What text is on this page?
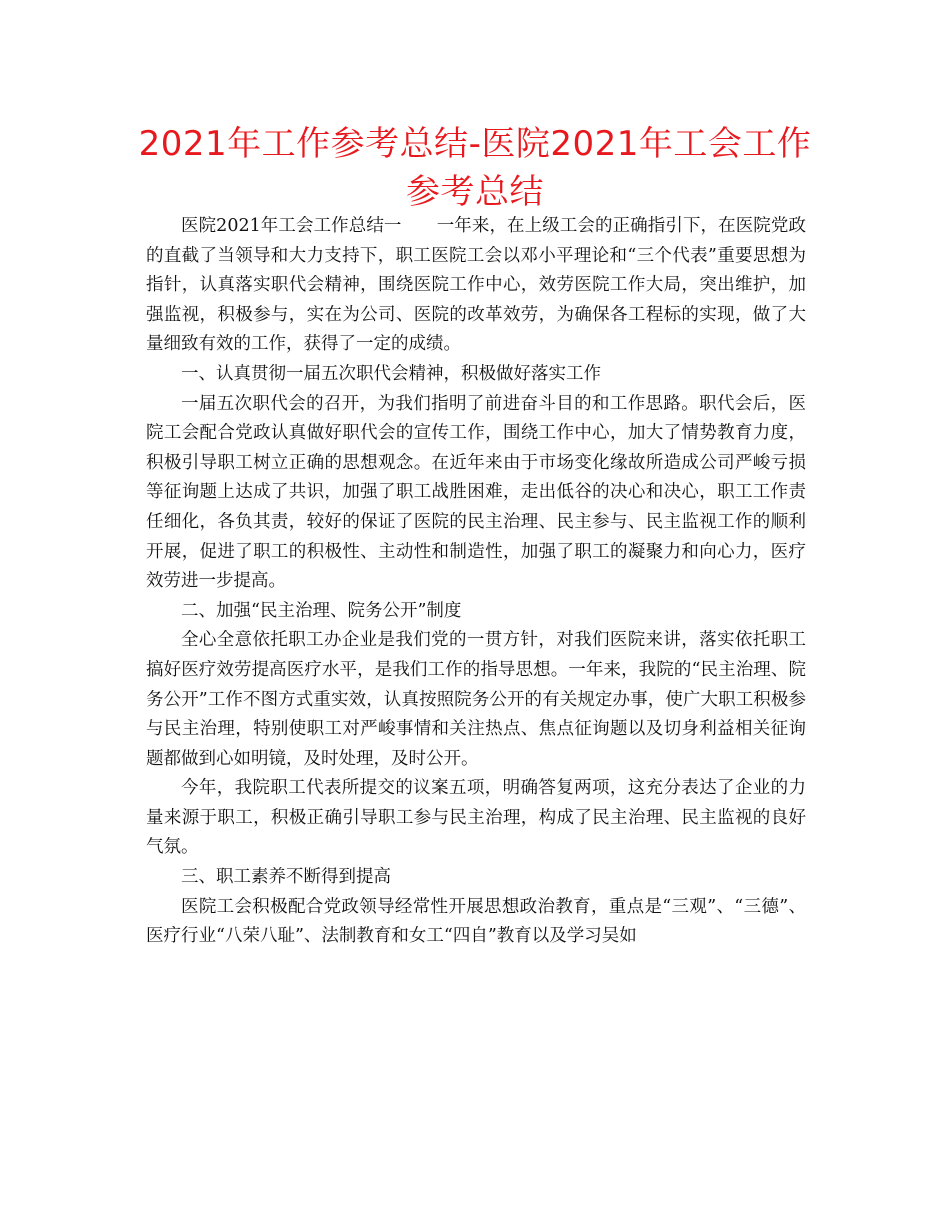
2021年工作参考总结-医院2021年工会工作参考总结

医院2021年工会工作总结一　　一年来，在上级工会的正确指引下，在医院党政的直截了当领导和大力支持下，职工医院工会以邓小平理论和“三个代表”重要思想为指针，认真落实职代会精神，围绕医院工作中心，效劳医院工作大局，突出维护，加强监视，积极参与，实在为公司、医院的改革效劳，为确保各工程标的实现，做了大量细致有效的工作，获得了一定的成绩。

一、认真贯彻一届五次职代会精神，积极做好落实工作

一届五次职代会的召开，为我们指明了前进奋斗目的和工作思路。职代会后，医院工会配合党政认真做好职代会的宣传工作，围绕工作中心，加大了情势教育力度，积极引导职工树立正确的思想观念。在近年来由于市场变化缘故所造成公司严峻亏损等征询题上达成了共识，加强了职工战胜困难，走出低谷的决心和决心，职工工作责任细化，各负其责，较好的保证了医院的民主治理、民主参与、民主监视工作的顺利开展，促进了职工的积极性、主动性和制造性，加强了职工的凝聚力和向心力，医疗效劳进一步提高。

二、加强“民主治理、院务公开”制度

全心全意依托职工办企业是我们党的一贯方针，对我们医院来讲，落实依托职工搞好医疗效劳提高医疗水平，是我们工作的指导思想。一年来，我院的“民主治理、院务公开”工作不图方式重实效，认真按照院务公开的有关规定办事，使广大职工积极参与民主治理，特别使职工对严峻事情和关注热点、焦点征询题以及切身利益相关征询题都做到心如明镜，及时处理，及时公开。

今年，我院职工代表所提交的议案五项，明确答复两项，这充分表达了企业的力量来源于职工，积极正确引导职工参与民主治理，构成了民主治理、民主监视的良好气氛。

三、职工素养不断得到提高

医院工会积极配合党政领导经常性开展思想政治教育，重点是“三观”、“三德”、医疗行业“八荣八耻”、法制教育和女工“四自”教育以及学习吴如
